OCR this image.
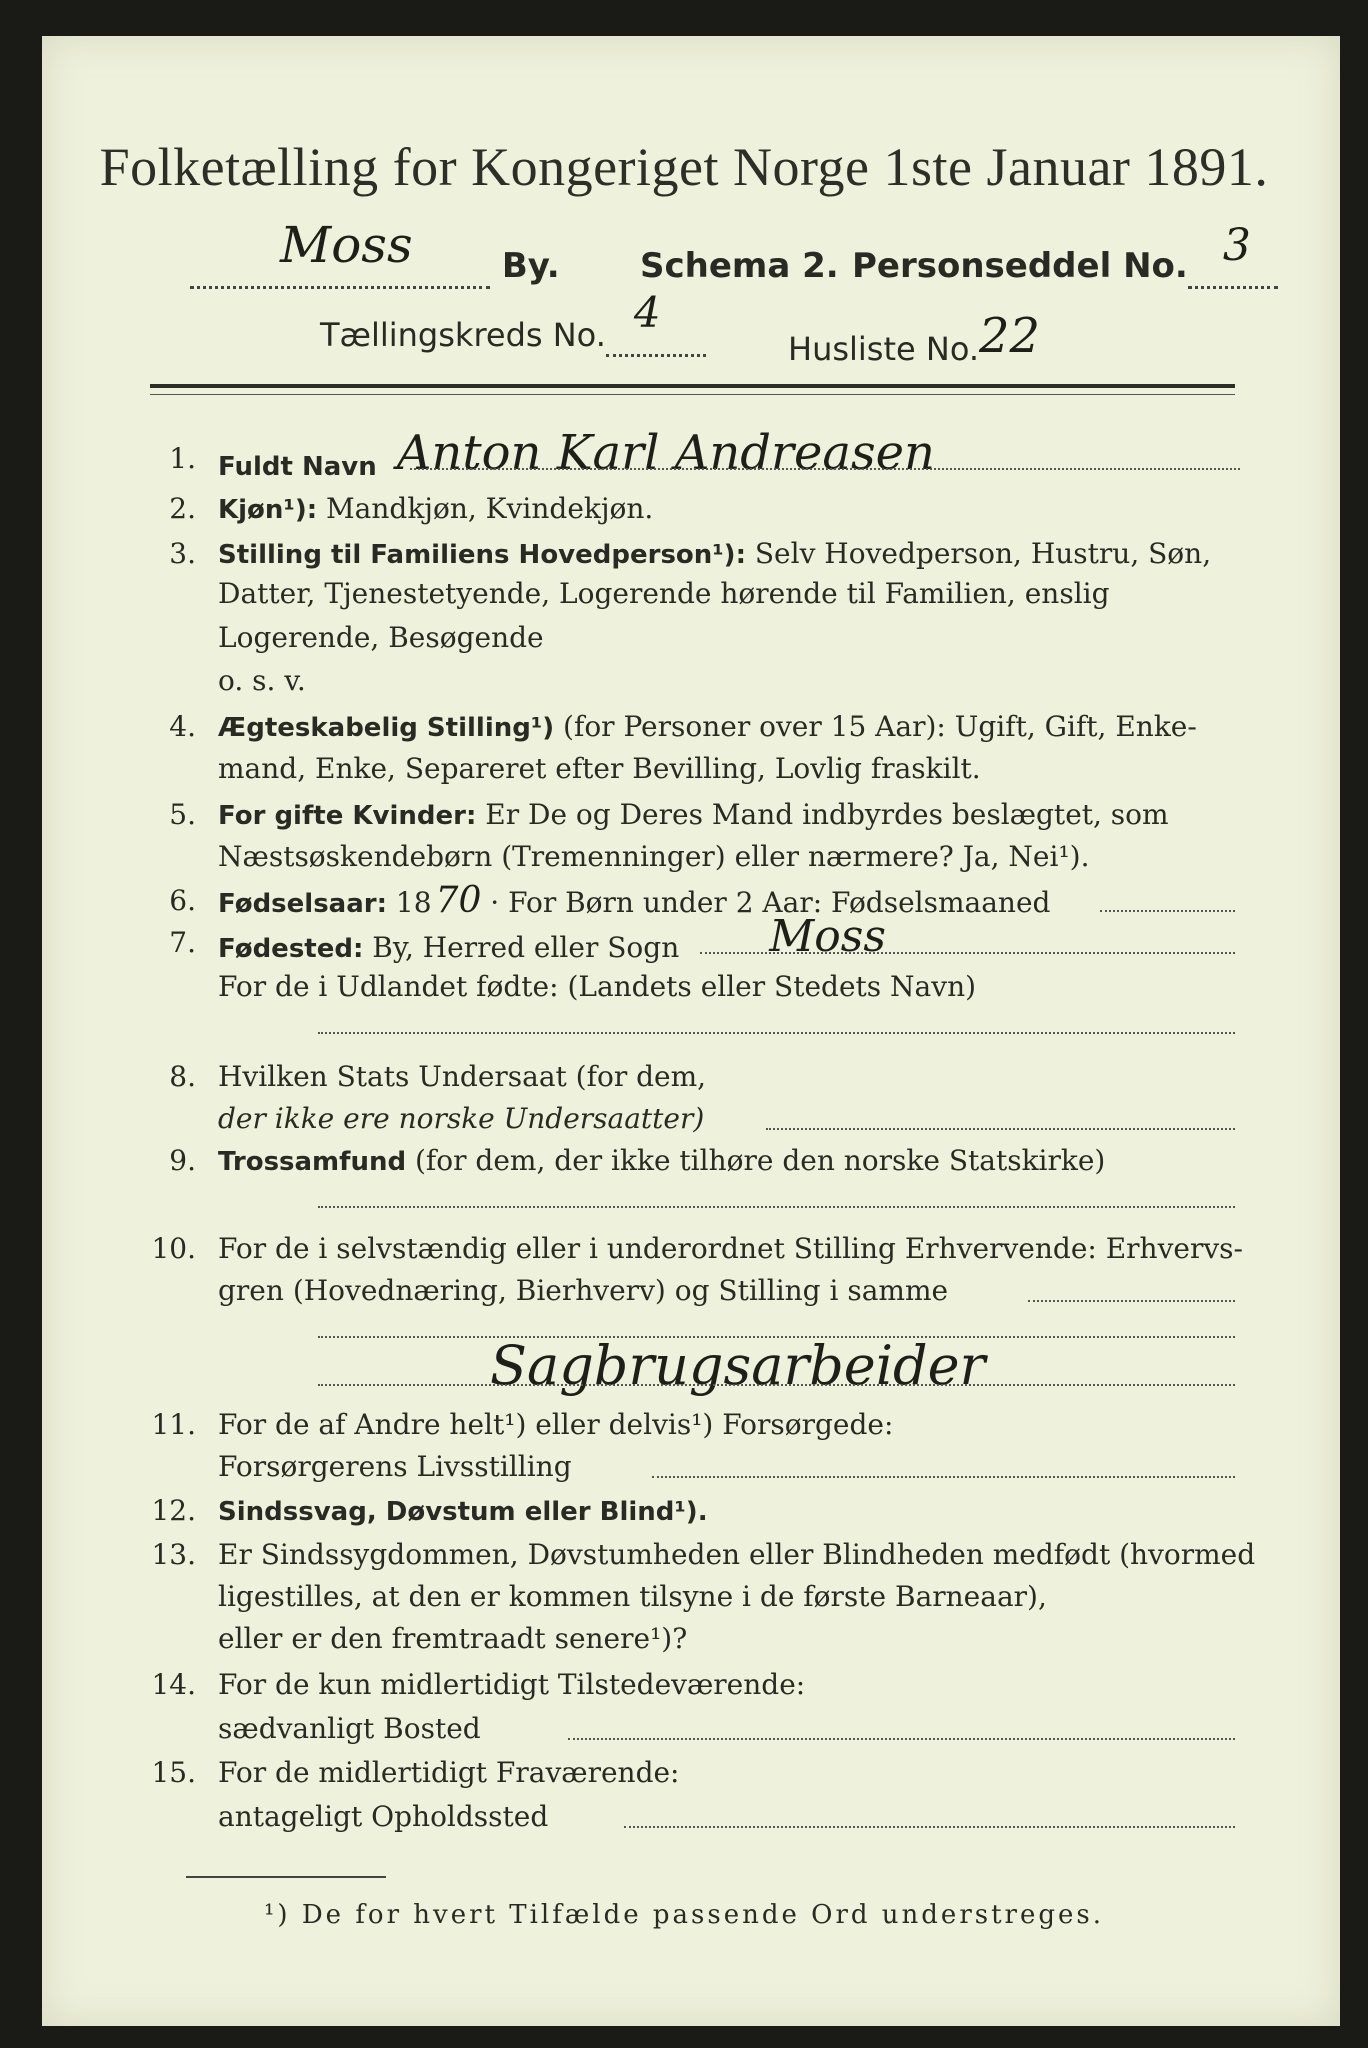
Folketælling for Kongeriget Norge 1ste Januar 1891.
Moss	By. Schema 2. Personseddel No. 3

Tællingskreds No. 4

Husliste No.22
1. Fuldt Navn Anton Karl Andreasen
2. Kjøn¹): Mandkjøn, Kvindekjøn.
3. Stilling til Familiens Hovedperson¹): Selv Hovedperson, Hustru, Søn,
Datter, Tjenestetyende, Logerende hørende til Familien, enslig
Logerende, Besøgende
o. s. v.
4. Ægteskabelig Stilling¹) (for Personer over 15 Aar): Ugift, Gift, Enke-
mand, Enke, Separeret efter Bevilling, Lovlig fraskilt.
5. For gifte Kvinder: Er De og Deres Mand indbyrdes beslægtet, som
Næstsøskendebørn (Tremenninger) eller nærmere? Ja, Nei¹).
6. Fødselsaar: 18 70 · For Børn under 2 Aar: Fødselsmaaned
7. Fødested: By, Herred eller Sogn Moss
For de i Udlandet fødte: (Landets eller Stedets Navn)
8. Hvilken Stats Undersaat (for dem,
der ikke ere norske Undersaatter)
9. Trossamfund (for dem, der ikke tilhøre den norske Statskirke)
10. For de i selvstændig eller i underordnet Stilling Erhvervende: Erhvervs-
gren (Hovednæring, Bierhverv) og Stilling i samme
Sagbrugsarbeider
11. For de af Andre helt¹) eller delvis¹) Forsørgede:
Forsørgerens Livsstilling
12. Sindssvag, Døvstum eller Blind¹).
13. Er Sindssygdommen, Døvstumheden eller Blindheden medfødt (hvormed
ligestilles, at den er kommen tilsyne i de første Barneaar),
eller er den fremtraadt senere¹)?
14. For de kun midlertidigt Tilstedeværende:
sædvanligt Bosted
15. For de midlertidigt Fraværende:
antageligt Opholdssted
¹) De for hvert Tilfælde passende Ord understreges.
